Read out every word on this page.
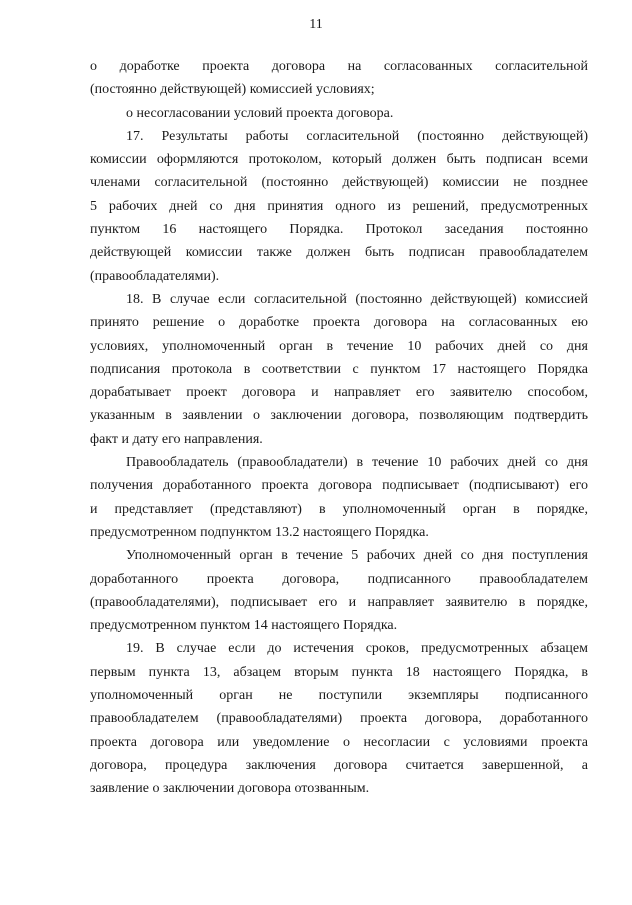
11
о доработке проекта договора на согласованных согласительной
(постоянно действующей) комиссией условиях;
о несогласовании условий проекта договора.
17. Результаты работы согласительной (постоянно действующей)
комиссии оформляются протоколом, который должен быть подписан всеми
членами согласительной (постоянно действующей) комиссии не позднее
5 рабочих дней со дня принятия одного из решений, предусмотренных
пунктом 16 настоящего Порядка. Протокол заседания постоянно
действующей комиссии также должен быть подписан правообладателем
(правообладателями).
18. В случае если согласительной (постоянно действующей) комиссией
принято решение о доработке проекта договора на согласованных ею
условиях, уполномоченный орган в течение 10 рабочих дней со дня
подписания протокола в соответствии с пунктом 17 настоящего Порядка
дорабатывает проект договора и направляет его заявителю способом,
указанным в заявлении о заключении договора, позволяющим подтвердить
факт и дату его направления.
Правообладатель (правообладатели) в течение 10 рабочих дней со дня
получения доработанного проекта договора подписывает (подписывают) его
и представляет (представляют) в уполномоченный орган в порядке,
предусмотренном подпунктом 13.2 настоящего Порядка.
Уполномоченный орган в течение 5 рабочих дней со дня поступления
доработанного проекта договора, подписанного правообладателем
(правообладателями), подписывает его и направляет заявителю в порядке,
предусмотренном пунктом 14 настоящего Порядка.
19. В случае если до истечения сроков, предусмотренных абзацем
первым пункта 13, абзацем вторым пункта 18 настоящего Порядка, в
уполномоченный орган не поступили экземпляры подписанного
правообладателем (правообладателями) проекта договора, доработанного
проекта договора или уведомление о несогласии с условиями проекта
договора, процедура заключения договора считается завершенной, а
заявление о заключении договора отозванным.
